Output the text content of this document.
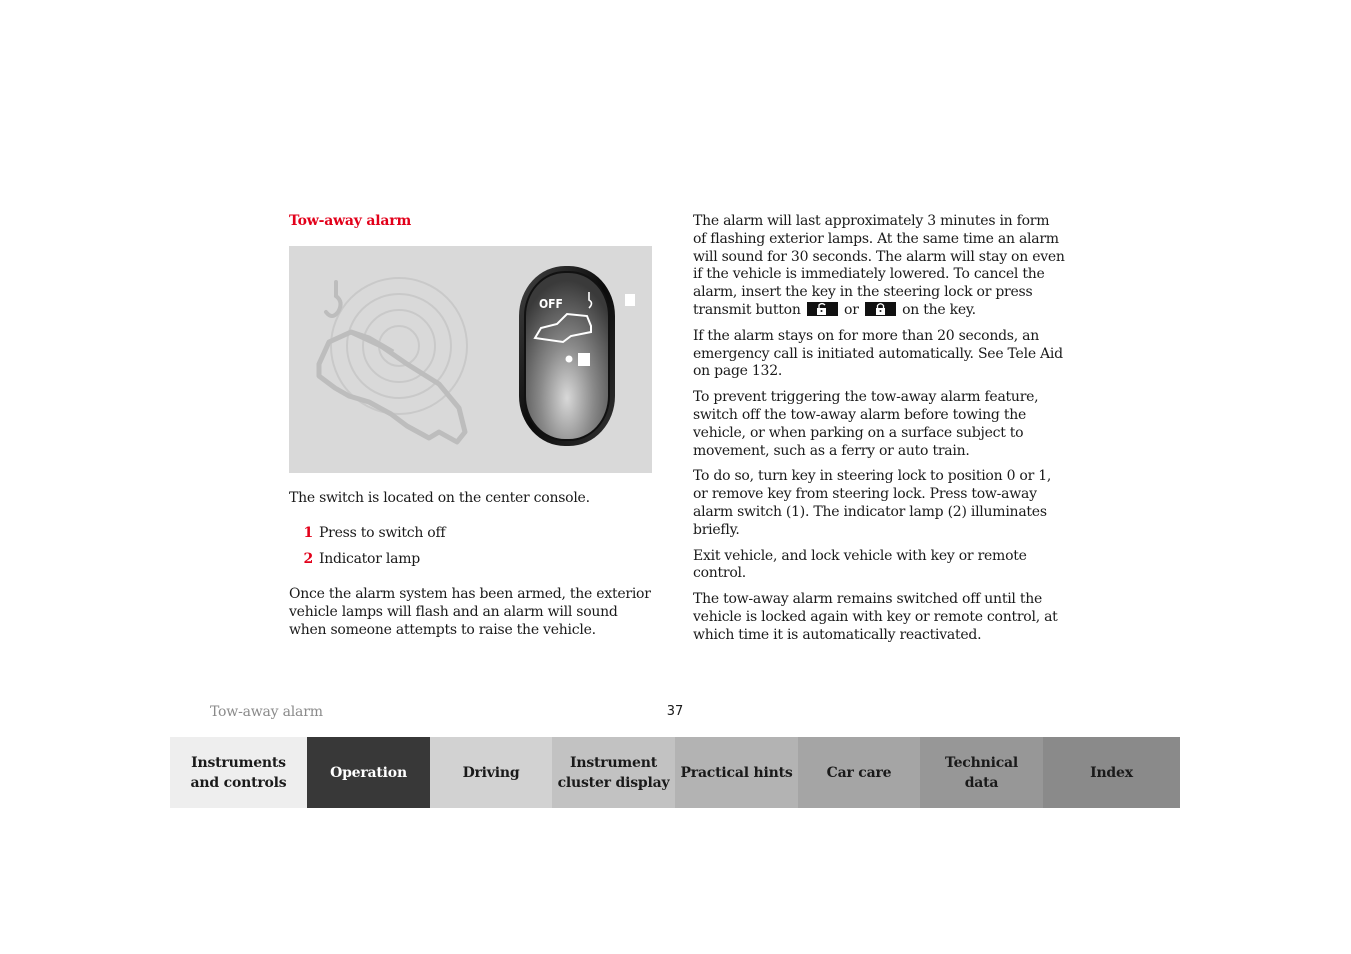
Tow-away alarm
OFF

The switch is located on the center console.

1 Press to switch off
2 Indicator lamp

Once the alarm system has been armed, the exterior vehicle lamps will flash and an alarm will sound when someone attempts to raise the vehicle.

The alarm will last approximately 3 minutes in form of flashing exterior lamps. At the same time an alarm will sound for 30 seconds. The alarm will stay on even if the vehicle is immediately lowered. To cancel the alarm, insert the key in the steering lock or press transmit button	or	on the key.

If the alarm stays on for more than 20 seconds, an emergency call is initiated automatically. See Tele Aid on page 132.

To prevent triggering the tow-away alarm feature, switch off the tow-away alarm before towing the vehicle, or when parking on a surface subject to movement, such as a ferry or auto train.

To do so, turn key in steering lock to position 0 or 1, or remove key from steering lock. Press tow-away alarm switch (1). The indicator lamp (2) illuminates briefly.

Exit vehicle, and lock vehicle with key or remote control.

The tow-away alarm remains switched off until the vehicle is locked again with key or remote control, at which time it is automatically reactivated.

Tow-away alarm	37
Instruments
and controls
Operation	Driving
Instrument
cluster display
Practical hints	Car care
Technical
data
Index
